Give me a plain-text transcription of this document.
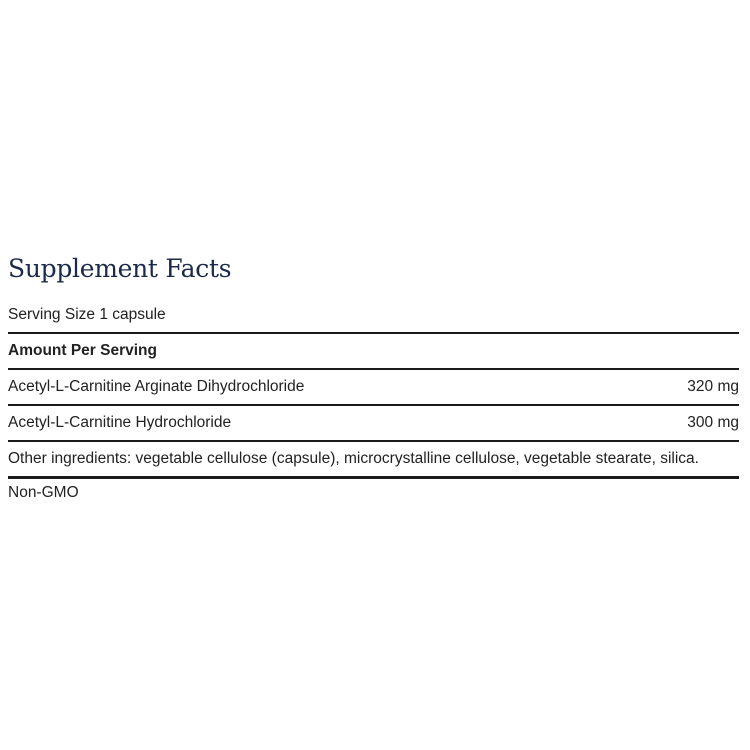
Supplement Facts
Serving Size 1 capsule
Amount Per Serving
Acetyl-L-Carnitine Arginate Dihydrochloride	320 mg
Acetyl-L-Carnitine Hydrochloride	300 mg
Other ingredients: vegetable cellulose (capsule), microcrystalline cellulose, vegetable stearate, silica.
Non-GMO
